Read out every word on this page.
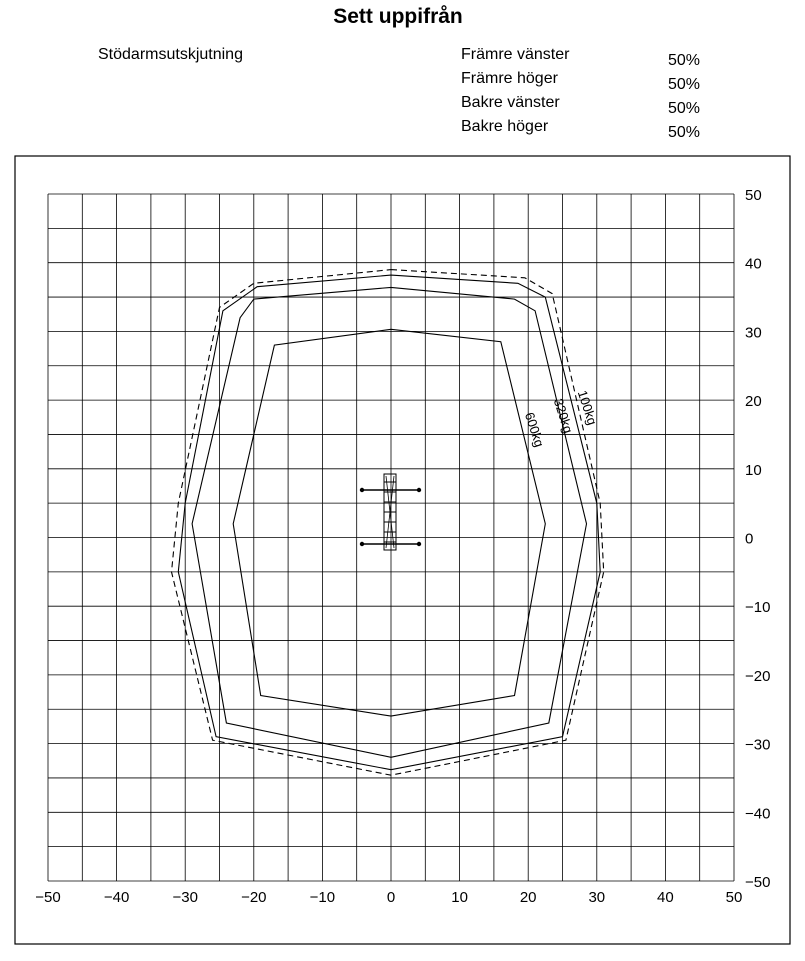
Sett uppifrån
Stödarmsutskjutning	Främre vänster	50%
Främre höger	50%
Bakre vänster	50%
Bakre höger	50%
−50	−40	−30	−20	−10	0	10	20	30	40	50
50
40
30
20
10
0
−10
−20
−30
−40
−50
600kg 320kg
100kg
